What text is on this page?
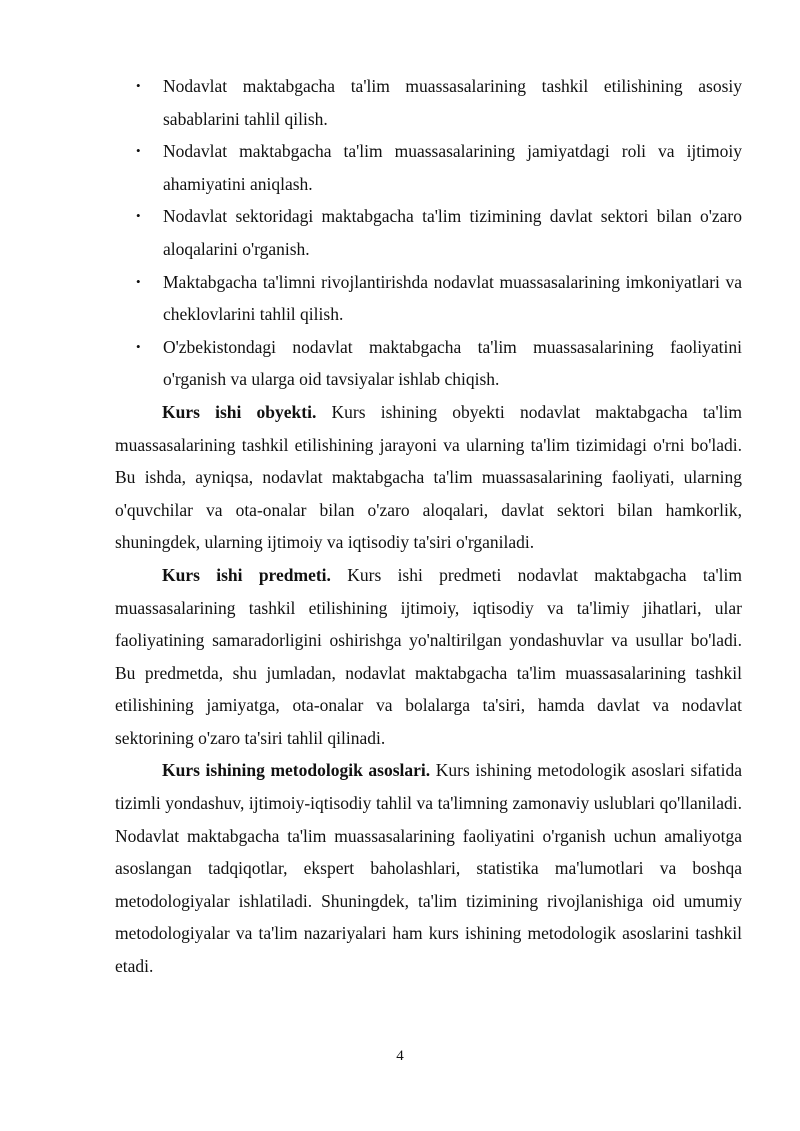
• Nodavlat maktabgacha ta'lim muassasalarining tashkil etilishining asosiy sabablarini tahlil qilish.
• Nodavlat maktabgacha ta'lim muassasalarining jamiyatdagi roli va ijtimoiy ahamiyatini aniqlash.
• Nodavlat sektoridagi maktabgacha ta'lim tizimining davlat sektori bilan o'zaro aloqalarini o'rganish.
• Maktabgacha ta'limni rivojlantirishda nodavlat muassasalarining imkoniyatlari va cheklovlarini tahlil qilish.
• O'zbekistondagi nodavlat maktabgacha ta'lim muassasalarining faoliyatini o'rganish va ularga oid tavsiyalar ishlab chiqish.

Kurs ishi obyekti. Kurs ishining obyekti nodavlat maktabgacha ta'lim muassasalarining tashkil etilishining jarayoni va ularning ta'lim tizimidagi o'rni bo'ladi. Bu ishda, ayniqsa, nodavlat maktabgacha ta'lim muassasalarining faoliyati, ularning o'quvchilar va ota-onalar bilan o'zaro aloqalari, davlat sektori bilan hamkorlik, shuningdek, ularning ijtimoiy va iqtisodiy ta'siri o'rganiladi.

Kurs ishi predmeti. Kurs ishi predmeti nodavlat maktabgacha ta'lim muassasalarining tashkil etilishining ijtimoiy, iqtisodiy va ta'limiy jihatlari, ular faoliyatining samaradorligini oshirishga yo'naltirilgan yondashuvlar va usullar bo'ladi. Bu predmetda, shu jumladan, nodavlat maktabgacha ta'lim muassasalarining tashkil etilishining jamiyatga, ota-onalar va bolalarga ta'siri, hamda davlat va nodavlat sektorining o'zaro ta'siri tahlil qilinadi.

Kurs ishining metodologik asoslari. Kurs ishining metodologik asoslari sifatida tizimli yondashuv, ijtimoiy-iqtisodiy tahlil va ta'limning zamonaviy uslublari qo'llaniladi. Nodavlat maktabgacha ta'lim muassasalarining faoliyatini o'rganish uchun amaliyotga asoslangan tadqiqotlar, ekspert baholashlari, statistika ma'lumotlari va boshqa metodologiyalar ishlatiladi. Shuningdek, ta'lim tizimining rivojlanishiga oid umumiy metodologiyalar va ta'lim nazariyalari ham kurs ishining metodologik asoslarini tashkil etadi.

4
